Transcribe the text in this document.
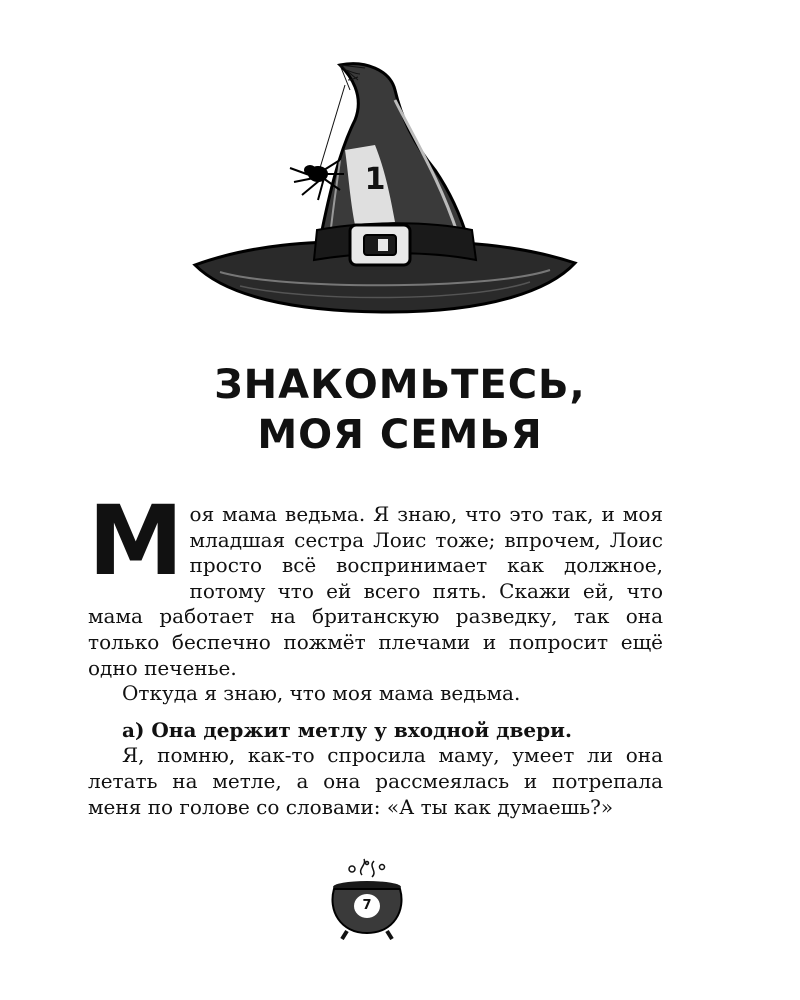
1
ЗНАКОМЬТЕСЬ,
МОЯ СЕМЬЯ
М оя мама ведьма. Я знаю, что это так, и моя младшая сестра Лоис тоже; впрочем, Лоис просто всё воспринимает как должное, потому что ей всего пять. Скажи ей, что мама работает на британскую разведку, так она только беспечно пожмёт плечами и попросит ещё одно печенье.

Откуда я знаю, что моя мама ведьма.

а) Она держит метлу у входной двери.

Я, помню, как-то спросила маму, умеет ли она летать на метле, а она рассмеялась и потрепала меня по голове со словами: «А ты как думаешь?»

7
